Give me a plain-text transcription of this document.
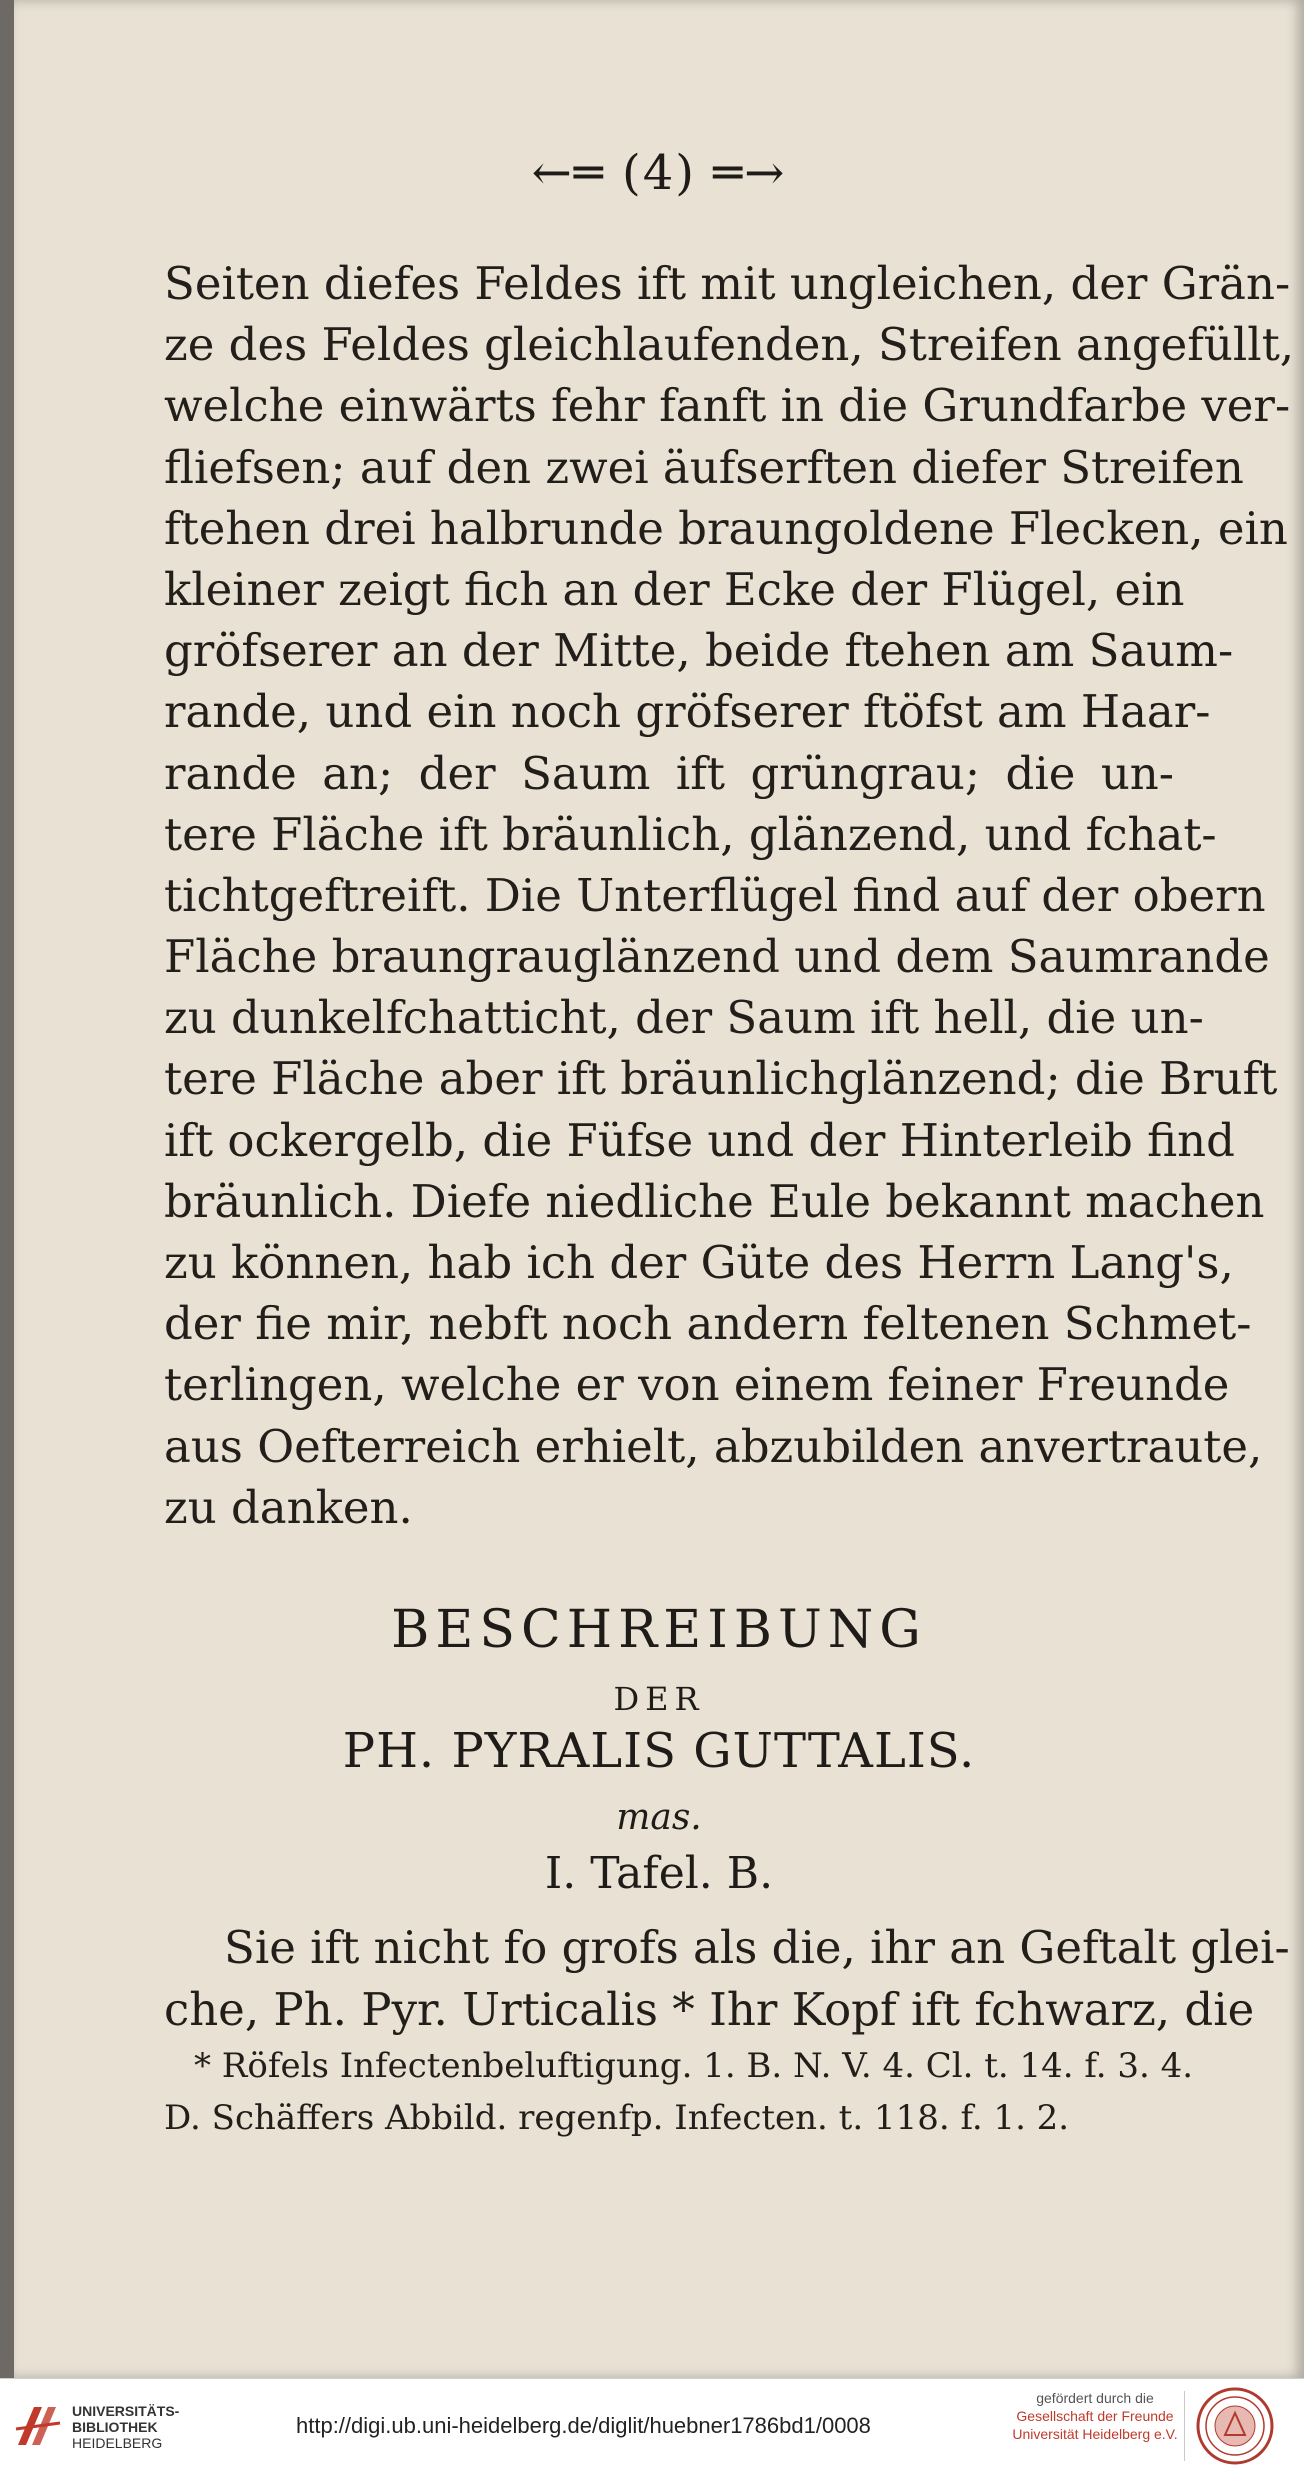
←═ (4) ═→
Seiten diefes Feldes ift mit ungleichen, der Grän-
ze des Feldes gleichlaufenden, Streifen angefüllt,
welche einwärts fehr fanft in die Grundfarbe ver-
fliefsen; auf den zwei äufserften diefer Streifen
ftehen drei halbrunde braungoldene Flecken, ein
kleiner zeigt fich an der Ecke der Flügel, ein
gröfserer an der Mitte, beide ftehen am Saum-
rande, und ein noch gröfserer ftöfst am Haar-
rande an; der Saum ift grüngrau; die un-
tere Fläche ift bräunlich, glänzend, und fchat-
tichtgeftreift. Die Unterflügel find auf der obern
Fläche braungrauglänzend und dem Saumrande
zu dunkelfchatticht, der Saum ift hell, die un-
tere Fläche aber ift bräunlichglänzend; die Bruft
ift ockergelb, die Füfse und der Hinterleib find
bräunlich. Diefe niedliche Eule bekannt machen
zu können, hab ich der Güte des Herrn Lang's,
der fie mir, nebft noch andern feltenen Schmet-
terlingen, welche er von einem feiner Freunde
aus Oefterreich erhielt, abzubilden anvertraute,
zu danken.
BESCHREIBUNG
DER
PH. PYRALIS GUTTALIS.
mas.
I. Tafel. B.
Sie ift nicht fo grofs als die, ihr an Geftalt glei-
che, Ph. Pyr. Urticalis * Ihr Kopf ift fchwarz, die
* Röfels Infectenbeluftigung. 1. B. N. V. 4. Cl. t. 14. f. 3. 4.
D. Schäffers Abbild. regenfp. Infecten. t. 118. f. 1. 2.
UNIVERSITÄTS-
BIBLIOTHEK
HEIDELBERG
http://digi.ub.uni-heidelberg.de/diglit/huebner1786bd1/0008
gefördert durch die
Gesellschaft der Freunde
Universität Heidelberg e.V.
